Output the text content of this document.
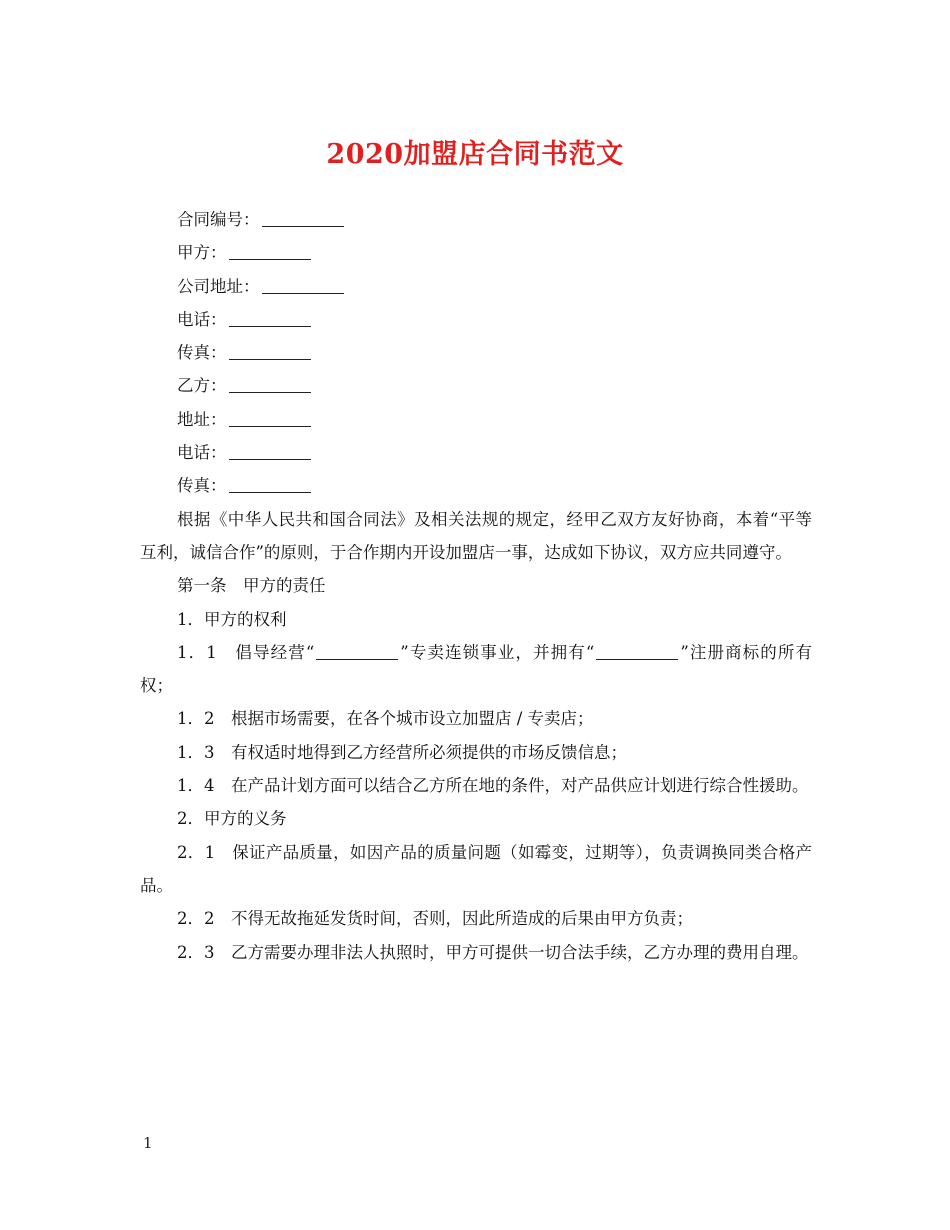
2020加盟店合同书范文
合同编号：
甲方：
公司地址：
电话：
传真：
乙方：
地址：
电话：
传真：

根据《中华人民共和国合同法》及相关法规的规定，经甲乙双方友好协商，本着“平等互利，诚信合作”的原则，于合作期内开设加盟店一事，达成如下协议，双方应共同遵守。

第一条　甲方的责任

1．甲方的权利

1．1　倡导经营“	”专卖连锁事业，并拥有“	”注册商标的所有权；

1．2　根据市场需要，在各个城市设立加盟店 / 专卖店；

1．3　有权适时地得到乙方经营所必须提供的市场反馈信息；

1．4　在产品计划方面可以结合乙方所在地的条件，对产品供应计划进行综合性援助。

2．甲方的义务

2．1　保证产品质量，如因产品的质量问题（如霉变，过期等），负责调换同类合格产品。

2．2　不得无故拖延发货时间，否则，因此所造成的后果由甲方负责；

2．3　乙方需要办理非法人执照时，甲方可提供一切合法手续，乙方办理的费用自理。

1
